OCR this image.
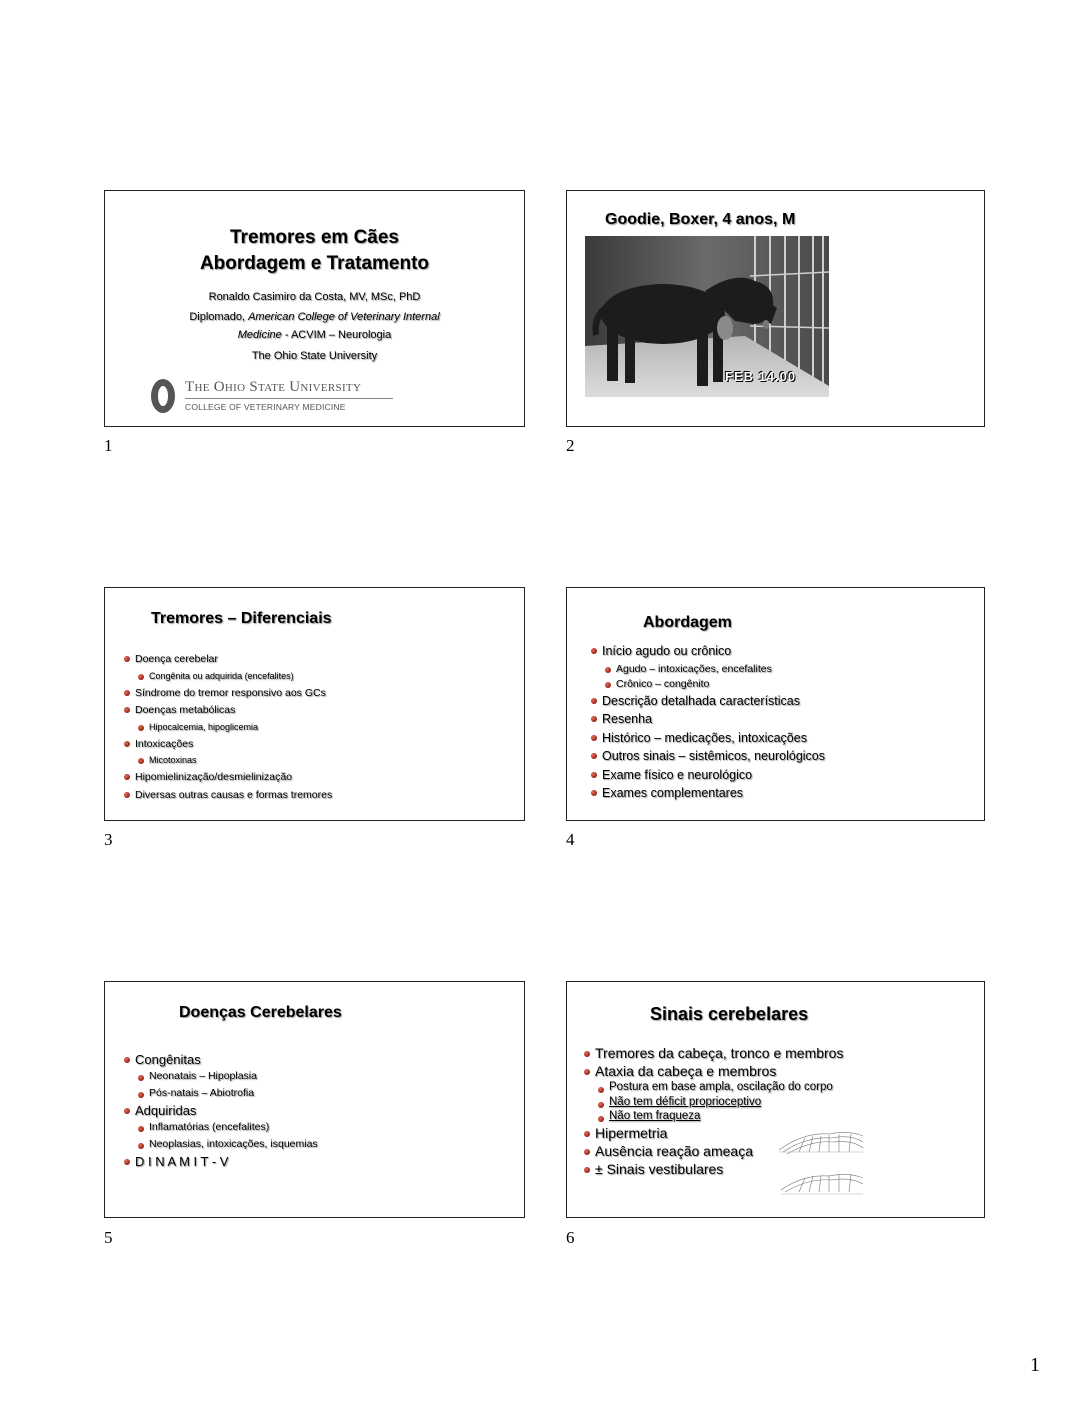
Tremores em Cães
Abordagem e Tratamento
Ronaldo Casimiro da Costa, MV, MSc, PhD
Diplomado, American College of Veterinary Internal
Medicine - ACVIM – Neurologia
The Ohio State University
The Ohio State University
COLLEGE OF VETERINARY MEDICINE
1
Goodie, Boxer, 4 anos, M
FEB 14.00
2
Tremores – Diferenciais
Doença cerebelar
Congênita ou adquirida (encefalites)
Síndrome do tremor responsivo aos GCs
Doenças metabólicas
Hipocalcemia, hipoglicemia
Intoxicações
Micotoxinas
Hipomielinização/desmielinização
Diversas outras causas e formas tremores
3
Abordagem
Início agudo ou crônico
Agudo – intoxicações, encefalites
Crônico – congênito
Descrição detalhada características
Resenha
Histórico – medicações, intoxicações
Outros sinais – sistêmicos, neurológicos
Exame físico e neurológico
Exames complementares
4
Doenças Cerebelares
Congênitas
Neonatais – Hipoplasia
Pós-natais – Abiotrofia
Adquiridas
Inflamatórias (encefalites)
Neoplasias, intoxicações, isquemias
D I N A M I T - V
5
Sinais cerebelares
Tremores da cabeça, tronco e membros
Ataxia da cabeça e membros
Postura em base ampla, oscilação do corpo
Não tem déficit proprioceptivo
Não tem fraqueza
Hipermetria
Ausência reação ameaça
± Sinais vestibulares
6
1
